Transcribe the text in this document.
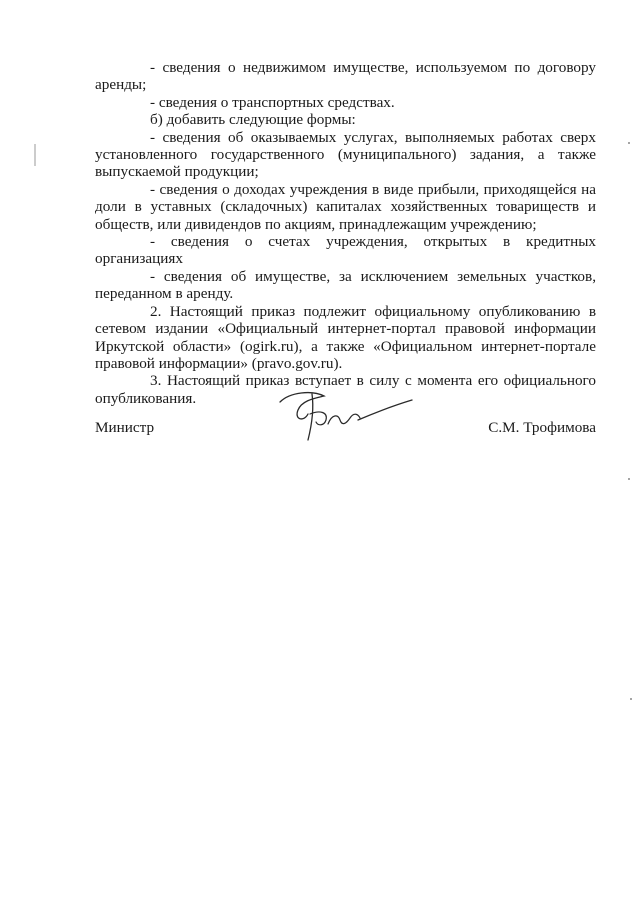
- сведения о недвижимом имуществе, используемом по договору аренды;

- сведения о транспортных средствах.

б) добавить следующие формы:

- сведения об оказываемых услугах, выполняемых работах сверх установленного государственного (муниципального) задания, а также выпускаемой продукции;

- сведения о доходах учреждения в виде прибыли, приходящейся на доли в уставных (складочных) капиталах хозяйственных товариществ и обществ, или дивидендов по акциям, принадлежащим учреждению;

- сведения о счетах учреждения, открытых в кредитных организациях

- сведения об имуществе, за исключением земельных участков, переданном в аренду.

2. Настоящий приказ подлежит официальному опубликованию в сетевом издании «Официальный интернет-портал правовой информации Иркутской области» (ogirk.ru), а также «Официальном интернет-портале правовой информации» (pravo.gov.ru).

3. Настоящий приказ вступает в силу с момента его официального опубликования.

Министр	С.М. Трофимова
